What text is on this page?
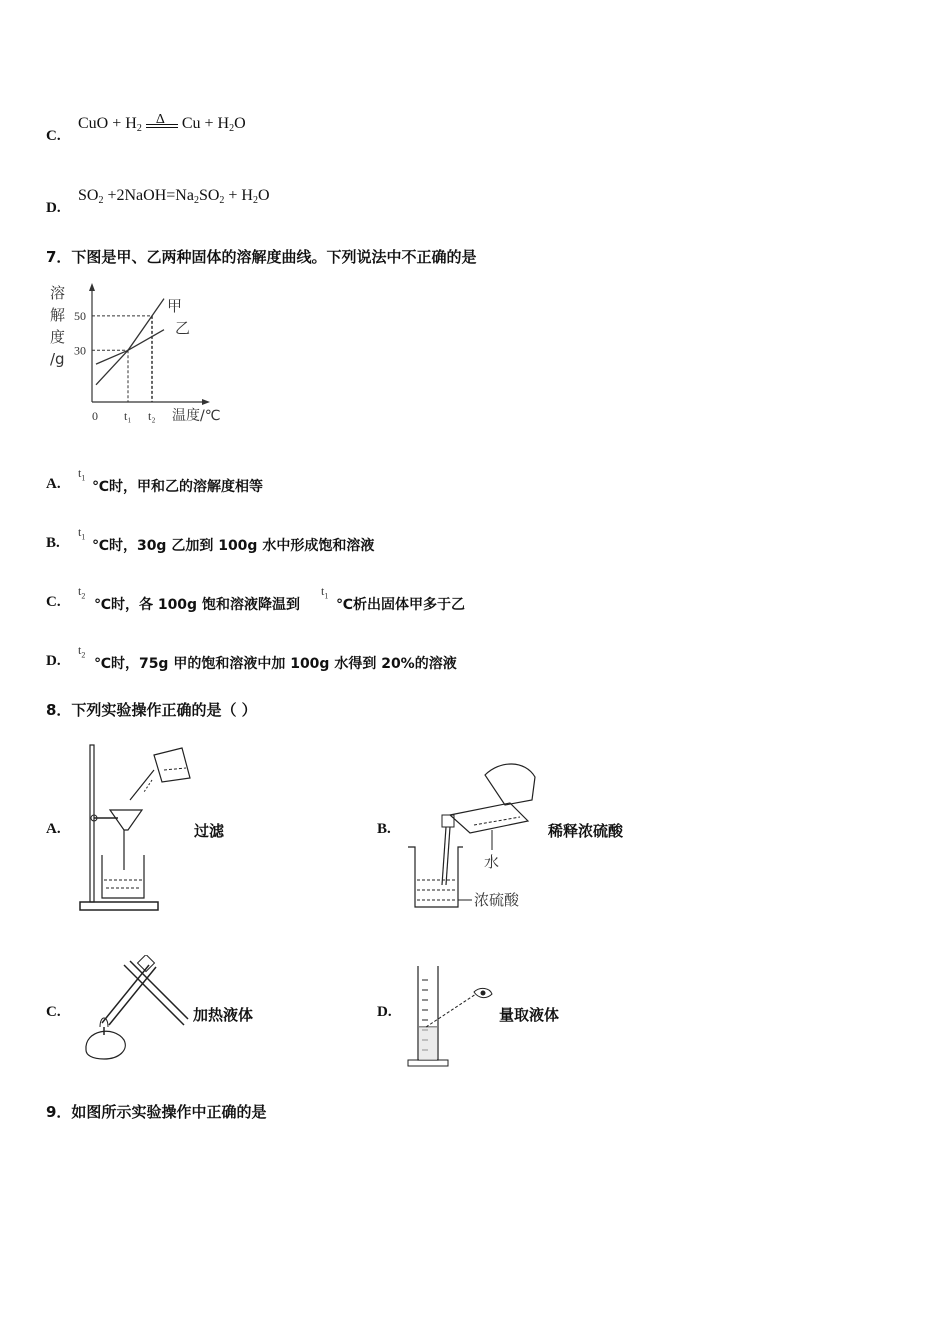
C.
CuO + $H_2$
Δ $Cu + H_2O$
D.
$SO_2$ $+2NaOH=Na_2SO_2 + H_2O$
7．下图是甲、乙两种固体的溶解度曲线。下列说法中不正确的是
溶
解
度
/g
50
30
0 t₁ t₂ 温度/℃
甲
乙
A.
$t_1$
℃时，甲和乙的溶解度相等
B.
$t_1$
℃时，30g 乙加到 100g 水中形成饱和溶液
C.
$t_2$
℃时，各 100g 饱和溶液降温到
$t_1$
℃析出固体甲多于乙
D.
$t_2$
℃时，75g 甲的饱和溶液中加 100g 水得到 20%的溶液
8．下列实验操作正确的是（ ）
A.	过滤	B.
水
浓硫酸
稀释浓硫酸
C.	加热液体	D.	量取液体
9．如图所示实验操作中正确的是
